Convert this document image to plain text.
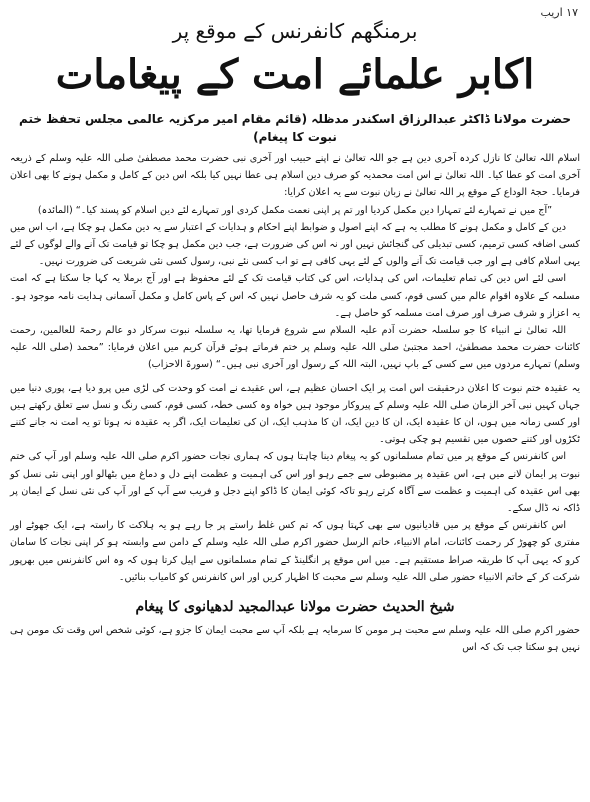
۱۷ اریب
برمنگھم کانفرنس کے موقع پر
اکابر علمائے امت کے پیغامات
حضرت مولانا ڈاکٹر عبدالرزاق اسکندر مدظلہ (قائم مقام امیر مرکزیہ عالمی مجلس تحفظ ختم نبوت کا پیغام)

اسلام اللہ تعالیٰ کا نازل کردہ آخری دین ہے جو اللہ تعالیٰ نے اپنے حبیب اور آخری نبی حضرت محمد مصطفیٰ صلی اللہ علیہ وسلم کے ذریعہ آخری امت کو عطا کیا۔ اللہ تعالیٰ نے اس امت محمدیہ کو صرف دین اسلام ہی عطا نہیں کیا بلکہ اس دین کے کامل و مکمل ہونے کا بھی اعلان فرمایا۔ حجۃ الوداع کے موقع پر اللہ تعالیٰ نے زبان نبوت سے یہ اعلان کرایا:

”آج میں نے تمہارے لئے تمہارا دین مکمل کردیا اور تم پر اپنی نعمت مکمل کردی اور تمہارے لئے دین اسلام کو پسند کیا۔“ (المائدہ)

دین کے کامل و مکمل ہونے کا مطلب یہ ہے کہ اپنے اصول و ضوابط اپنے احکام و ہدایات کے اعتبار سے یہ دین مکمل ہو چکا ہے، اب اس میں کسی اضافہ کسی ترمیم، کسی تبدیلی کی گنجائش نہیں اور نہ اس کی ضرورت ہے، جب دین مکمل ہو چکا تو قیامت تک آنے والے لوگوں کے لئے یہی اسلام کافی ہے اور جب قیامت تک آنے والوں کے لئے یہی کافی ہے تو اب کسی نئے نبی، رسول کسی نئی شریعت کی ضرورت نہیں۔

اسی لئے اس دین کی تمام تعلیمات، اس کی ہدایات، اس کی کتاب قیامت تک کے لئے محفوظ ہے اور آج برملا یہ کہا جا سکتا ہے کہ امت مسلمہ کے علاوہ اقوام عالم میں کسی قوم، کسی ملت کو یہ شرف حاصل نہیں کہ اس کے پاس کامل و مکمل آسمانی ہدایت نامہ موجود ہو۔ یہ اعزاز و شرف صرف اور صرف امت مسلمہ کو حاصل ہے۔

اللہ تعالیٰ نے انبیاء کا جو سلسلہ حضرت آدم علیہ السلام سے شروع فرمایا تھا، یہ سلسلہ نبوت سرکار دو عالم رحمۃ للعالمین، رحمت کائنات حضرت محمد مصطفیٰ، احمد مجتبیٰ صلی اللہ علیہ وسلم پر ختم فرماتے ہوئے قرآن کریم میں اعلان فرمایا: ”محمد (صلی اللہ علیہ وسلم) تمہارے مردوں میں سے کسی کے باپ نہیں، البتہ اللہ کے رسول اور آخری نبی ہیں۔“ (سورۃ الاحزاب)

یہ عقیدہ ختم نبوت کا اعلان درحقیقت اس امت پر ایک احسان عظیم ہے، اس عقیدے نے امت کو وحدت کی لڑی میں پرو دیا ہے، پوری دنیا میں جہاں کہیں نبی آخر الزمان صلی اللہ علیہ وسلم کے پیروکار موجود ہیں خواہ وہ کسی خطہ، کسی قوم، کسی رنگ و نسل سے تعلق رکھتے ہیں اور کسی زمانہ میں ہوں، ان کا عقیدہ ایک، ان کا دین ایک، ان کا مذہب ایک، ان کی تعلیمات ایک، اگر یہ عقیدہ نہ ہوتا تو یہ امت نہ جانے کتنے ٹکڑوں اور کتنے حصوں میں تقسیم ہو چکی ہوتی۔

اس کانفرنس کے موقع پر میں تمام مسلمانوں کو یہ پیغام دینا چاہتا ہوں کہ ہماری نجات حضور اکرم صلی اللہ علیہ وسلم اور آپ کی ختم نبوت پر ایمان لانے میں ہے، اس عقیدہ پر مضبوطی سے جمے رہو اور اس کی اہمیت و عظمت اپنے دل و دماغ میں بٹھالو اور اپنی نئی نسل کو بھی اس عقیدہ کی اہمیت و عظمت سے آگاہ کرتے رہو تاکہ کوئی ایمان کا ڈاکو اپنے دجل و فریب سے آپ کے اور آپ کی نئی نسل کے ایمان پر ڈاکہ نہ ڈال سکے۔

اس کانفرنس کے موقع پر میں قادیانیوں سے بھی کہتا ہوں کہ تم کس غلط راستے پر جا رہے ہو یہ ہلاکت کا راستہ ہے، ایک جھوٹے اور مفتری کو چھوڑ کر رحمت کائنات، امام الانبیاء، خاتم الرسل حضور اکرم صلی اللہ علیہ وسلم کے دامن سے وابستہ ہو کر اپنی نجات کا سامان کرو کہ یہی آپ کا طریقہ صراط مستقیم ہے۔ میں اس موقع پر انگلینڈ کے تمام مسلمانوں سے اپیل کرتا ہوں کہ وہ اس کانفرنس میں بھرپور شرکت کر کے خاتم الانبیاء حضور صلی اللہ علیہ وسلم سے محبت کا اظہار کریں اور اس کانفرنس کو کامیاب بنائیں۔

شیخ الحدیث حضرت مولانا عبدالمجید لدھیانوی کا پیغام

حضور اکرم صلی اللہ علیہ وسلم سے محبت ہر مومن کا سرمایہ ہے بلکہ آپ سے محبت ایمان کا جزو ہے، کوئی شخص اس وقت تک مومن ہی نہیں ہو سکتا جب تک کہ اس
